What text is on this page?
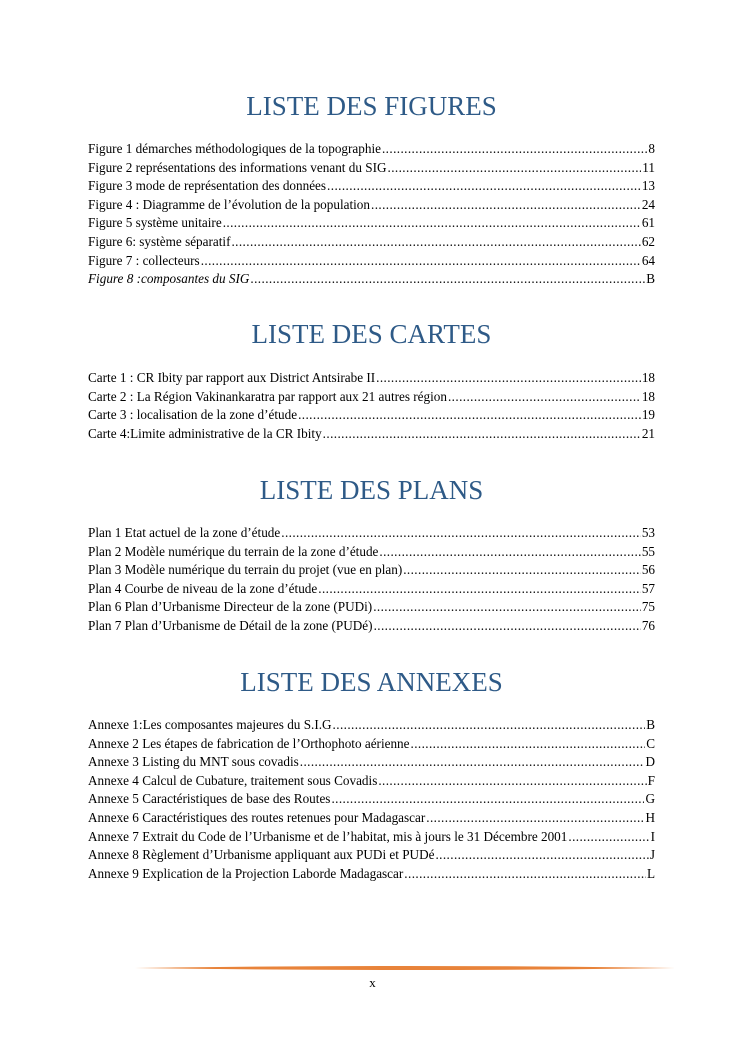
LISTE DES FIGURES
Figure 1 démarches méthodologiques de la topographie .....	8
Figure 2 représentations des informations venant du SIG .....	11
Figure 3 mode de représentation des données .....	13
Figure 4 : Diagramme de l’évolution de la population .....	24
Figure 5 système unitaire .....	61
Figure 6: système séparatif .....	62
Figure 7 : collecteurs .....	64
Figure 8 :composantes du SIG .....	B
LISTE DES CARTES
Carte 1 : CR Ibity par rapport aux District Antsirabe II .....	18
Carte 2 : La Région Vakinankaratra par rapport aux 21 autres région .....	18
Carte 3 : localisation de la zone d’étude .....	19
Carte 4:Limite administrative de la CR Ibity .....	21
LISTE DES PLANS
Plan 1 Etat actuel de la zone d’étude .....	53
Plan 2 Modèle numérique du terrain de la zone d’étude .....	55
Plan 3 Modèle numérique du terrain du projet (vue en plan) .....	56
Plan 4 Courbe de niveau de la zone d’étude .....	57
Plan 6 Plan d’Urbanisme Directeur de la zone (PUDi) .....	75
Plan 7 Plan d’Urbanisme de Détail de la zone (PUDé) .....	76
LISTE DES ANNEXES
Annexe 1:Les composantes majeures du S.I.G .....	B
Annexe 2 Les étapes de fabrication de l’Orthophoto aérienne .....	C
Annexe 3 Listing du MNT sous covadis .....	D
Annexe 4 Calcul de Cubature, traitement sous Covadis .....	F
Annexe 5 Caractéristiques de base des Routes .....	G
Annexe 6 Caractéristiques des routes retenues pour Madagascar .....	H
Annexe 7 Extrait du Code de l’Urbanisme et de l’habitat, mis à jours le 31 Décembre 2001 .....	I
Annexe 8 Règlement d’Urbanisme appliquant aux PUDi et PUDé .....	J
Annexe 9 Explication de la Projection Laborde Madagascar .....	L
x
